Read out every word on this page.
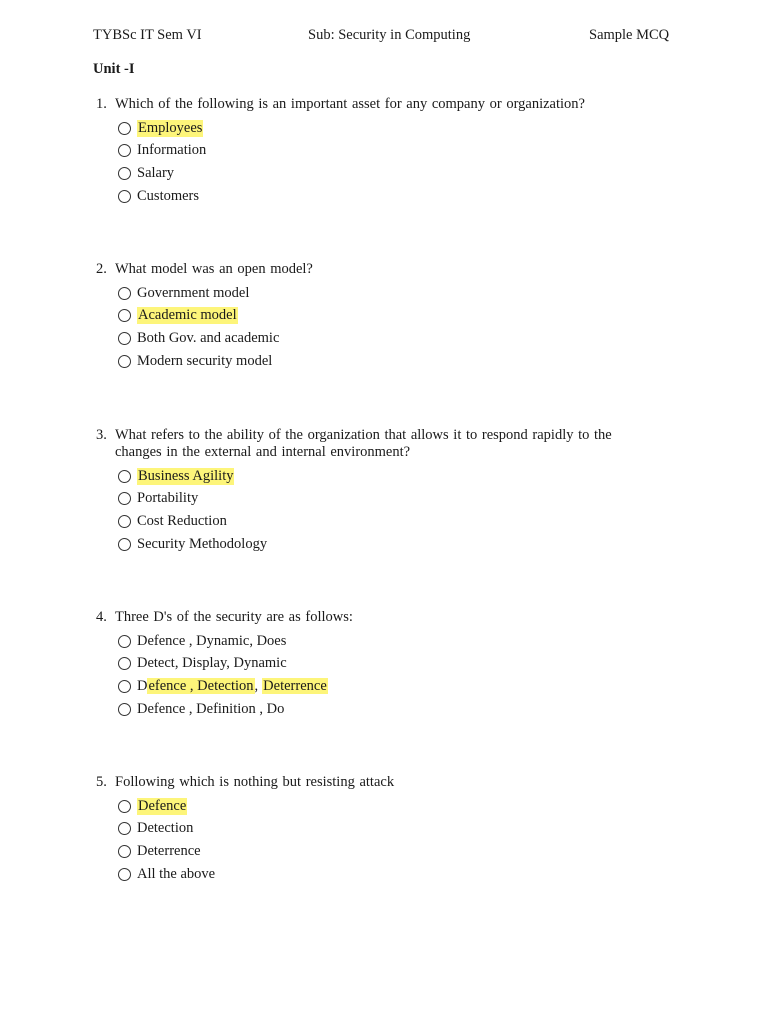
TYBSc IT Sem VI	Sub: Security in Computing	Sample MCQ
Unit -I
1. Which of the following is an important asset for any company or organization?
Employees
Information
Salary
Customers
2. What model was an open model?
Government model
Academic model
Both Gov. and academic
Modern security model
3. What refers to the ability of the organization that allows it to respond rapidly to the changes in the external and internal environment?
Business Agility
Portability
Cost Reduction
Security Methodology
4. Three D's of the security are as follows:
Defence , Dynamic, Does
Detect, Display, Dynamic
Defence , Detection, Deterrence
Defence , Definition , Do
5. Following which is nothing but resisting attack
Defence
Detection
Deterrence
All the above
